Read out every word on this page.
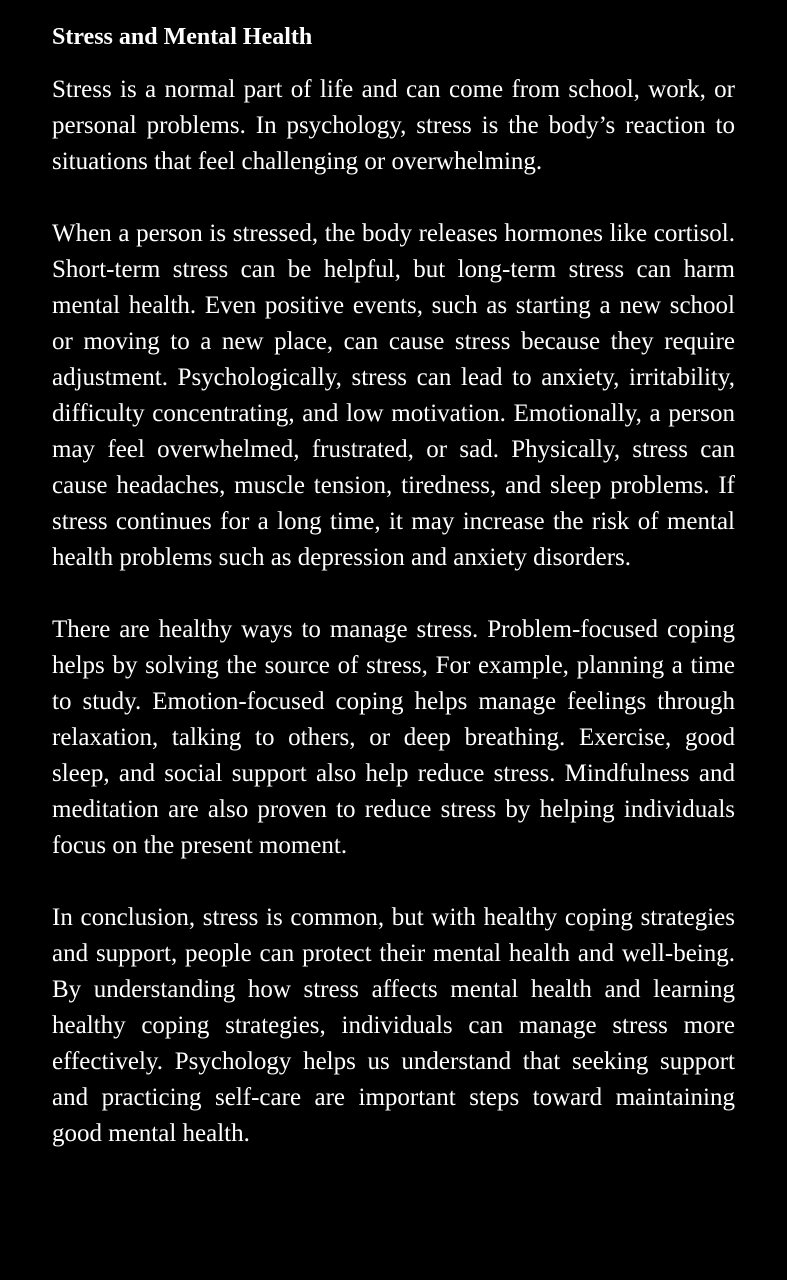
Stress and Mental Health

Stress is a normal part of life and can come from school, work, or personal problems. In psychology, stress is the body’s reaction to situations that feel challenging or overwhelming.

When a person is stressed, the body releases hormones like cortisol. Short-term stress can be helpful, but long-term stress can harm mental health. Even positive events, such as starting a new school or moving to a new place, can cause stress because they require adjustment. Psychologically, stress can lead to anxiety, irritability, difficulty concentrating, and low motivation. Emotionally, a person may feel overwhelmed, frustrated, or sad. Physically, stress can cause headaches, muscle tension, tiredness, and sleep problems. If stress continues for a long time, it may increase the risk of mental health problems such as depression and anxiety disorders.

There are healthy ways to manage stress. Problem-focused coping helps by solving the source of stress, For example, planning a time to study. Emotion-focused coping helps manage feelings through relaxation, talking to others, or deep breathing. Exercise, good sleep, and social support also help reduce stress. Mindfulness and meditation are also proven to reduce stress by helping individuals focus on the present moment.

In conclusion, stress is common, but with healthy coping strategies and support, people can protect their mental health and well-being. By understanding how stress affects mental health and learning healthy coping strategies, individuals can manage stress more effectively. Psychology helps us understand that seeking support and practicing self-care are important steps toward maintaining good mental health.
